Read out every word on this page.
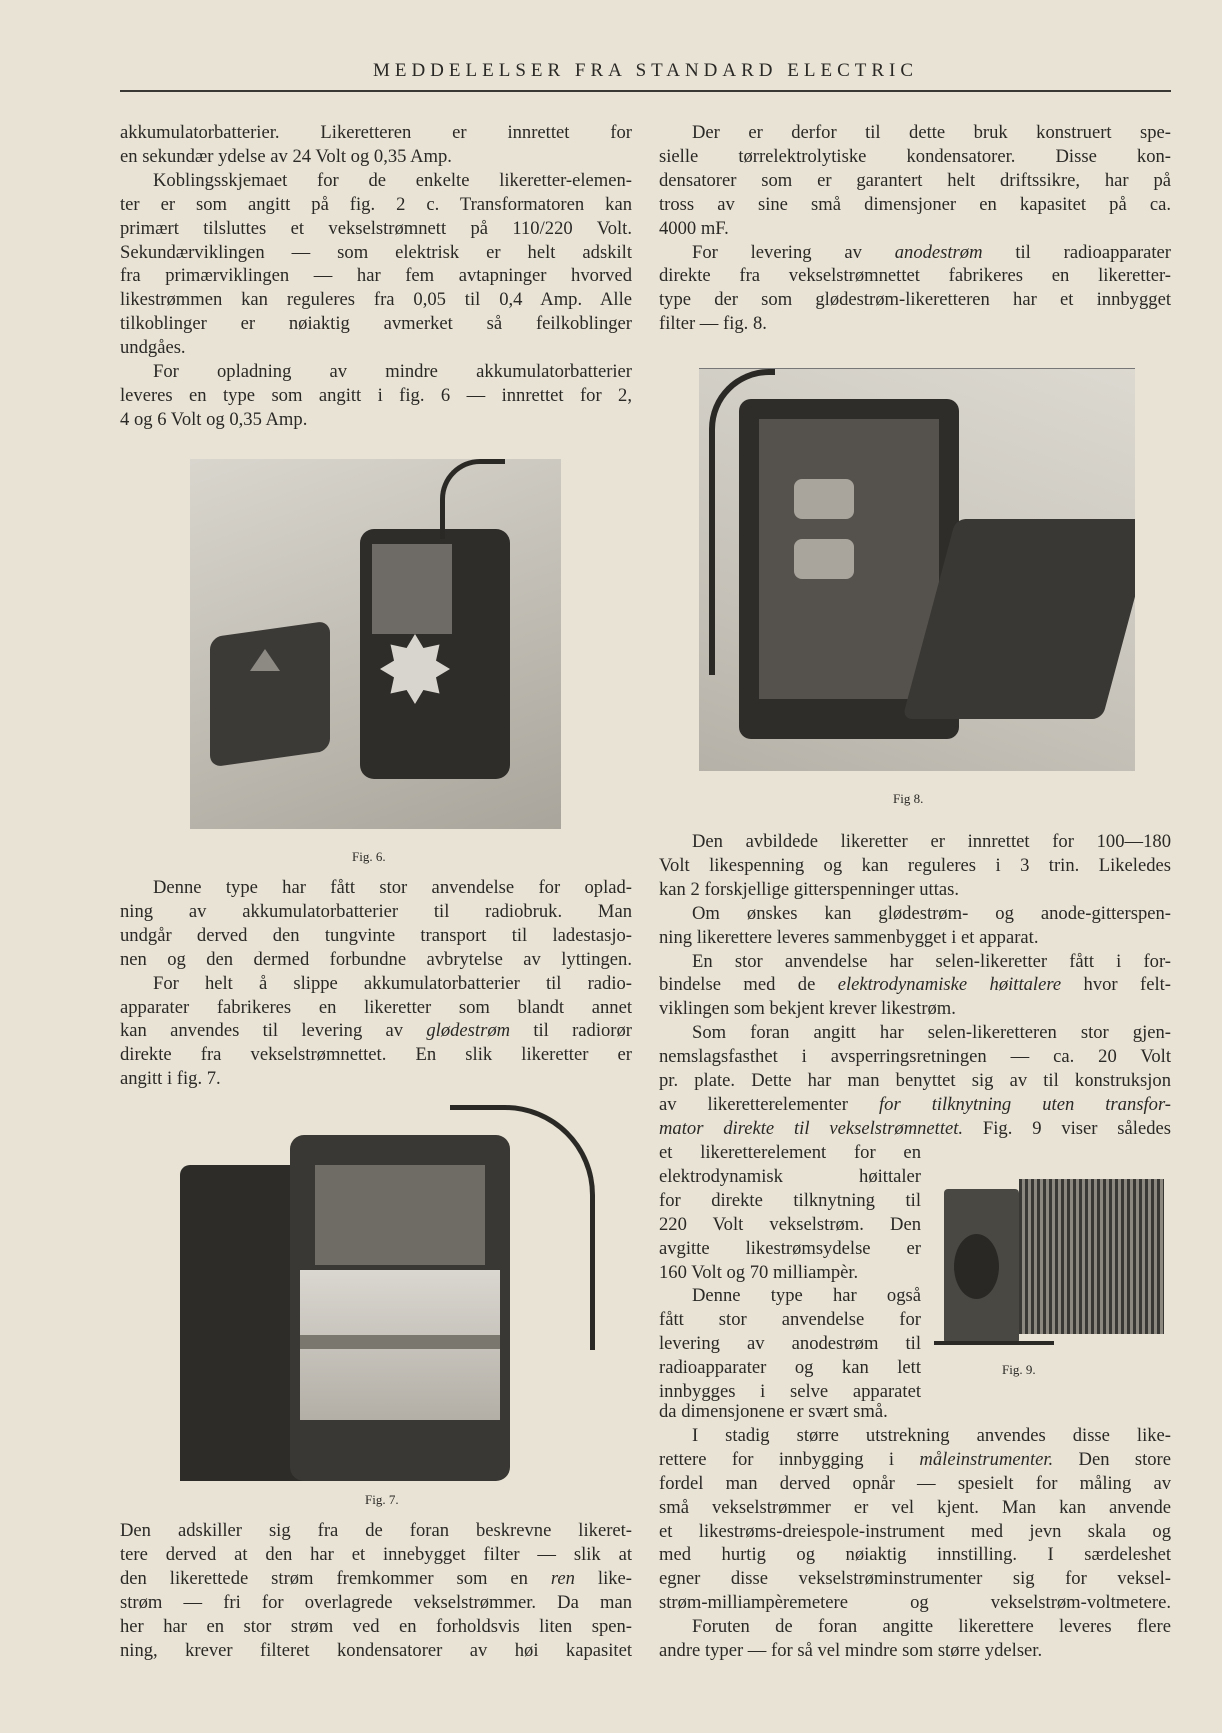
MEDDELELSER FRA STANDARD ELECTRIC
akkumulatorbatterier. Likeretteren er innrettet for
en sekundær ydelse av 24 Volt og 0,35 Amp.
Koblingsskjemaet for de enkelte likeretter-elemen-
ter er som angitt på fig. 2 c. Transformatoren kan
primært tilsluttes et vekselstrømnett på 110/220 Volt.
Sekundærviklingen — som elektrisk er helt adskilt
fra primærviklingen — har fem avtapninger hvorved
likestrømmen kan reguleres fra 0,05 til 0,4 Amp. Alle
tilkoblinger er nøiaktig avmerket så feilkoblinger
undgåes.
For opladning av mindre akkumulatorbatterier
leveres en type som angitt i fig. 6 — innrettet for 2,
4 og 6 Volt og 0,35 Amp.
Fig. 6.
Denne type har fått stor anvendelse for oplad-
ning av akkumulatorbatterier til radiobruk. Man
undgår derved den tungvinte transport til ladestasjo-
nen og den dermed forbundne avbrytelse av lyttingen.
For helt å slippe akkumulatorbatterier til radio-
apparater fabrikeres en likeretter som blandt annet
kan anvendes til levering av glødestrøm til radiorør
direkte fra vekselstrømnettet. En slik likeretter er
angitt i fig. 7.
Fig. 7.
Den adskiller sig fra de foran beskrevne likeret-
tere derved at den har et innebygget filter — slik at
den likerettede strøm fremkommer som en ren like-
strøm — fri for overlagrede vekselstrømmer. Da man
her har en stor strøm ved en forholdsvis liten spen-
ning, krever filteret kondensatorer av høi kapasitet
Der er derfor til dette bruk konstruert spe-
sielle tørrelektrolytiske kondensatorer. Disse kon-
densatorer som er garantert helt driftssikre, har på
tross av sine små dimensjoner en kapasitet på ca.
4000 mF.
For levering av anodestrøm til radioapparater
direkte fra vekselstrømnettet fabrikeres en likeretter-
type der som glødestrøm-likeretteren har et innbygget
filter — fig. 8.
Fig 8.
Den avbildede likeretter er innrettet for 100—180
Volt likespenning og kan reguleres i 3 trin. Likeledes
kan 2 forskjellige gitterspenninger uttas.
Om ønskes kan glødestrøm- og anode-gitterspen-
ning likerettere leveres sammenbygget i et apparat.
En stor anvendelse har selen-likeretter fått i for-
bindelse med de elektrodynamiske høittalere hvor felt-
viklingen som bekjent krever likestrøm.
Som foran angitt har selen-likeretteren stor gjen-
nemslagsfasthet i avsperringsretningen — ca. 20 Volt
pr. plate. Dette har man benyttet sig av til konstruksjon
av likeretterelementer for tilknytning uten transfor-
mator direkte til vekselstrømnettet. Fig. 9 viser således
et likeretterelement for en
elektrodynamisk høittaler
for direkte tilknytning til
220 Volt vekselstrøm. Den
avgitte likestrømsydelse er
160 Volt og 70 milliampèr.
Denne type har også
fått stor anvendelse for
levering av anodestrøm til
radioapparater og kan lett
innbygges i selve apparatet
Fig. 9.
da dimensjonene er svært små.
I stadig større utstrekning anvendes disse like-
rettere for innbygging i måleinstrumenter. Den store
fordel man derved opnår — spesielt for måling av
små vekselstrømmer er vel kjent. Man kan anvende
et likestrøms-dreiespole-instrument med jevn skala og
med hurtig og nøiaktig innstilling. I særdeleshet
egner disse vekselstrøminstrumenter sig for veksel-
strøm-milliampèremetere og vekselstrøm-voltmetere.
Foruten de foran angitte likerettere leveres flere
andre typer — for så vel mindre som større ydelser.
